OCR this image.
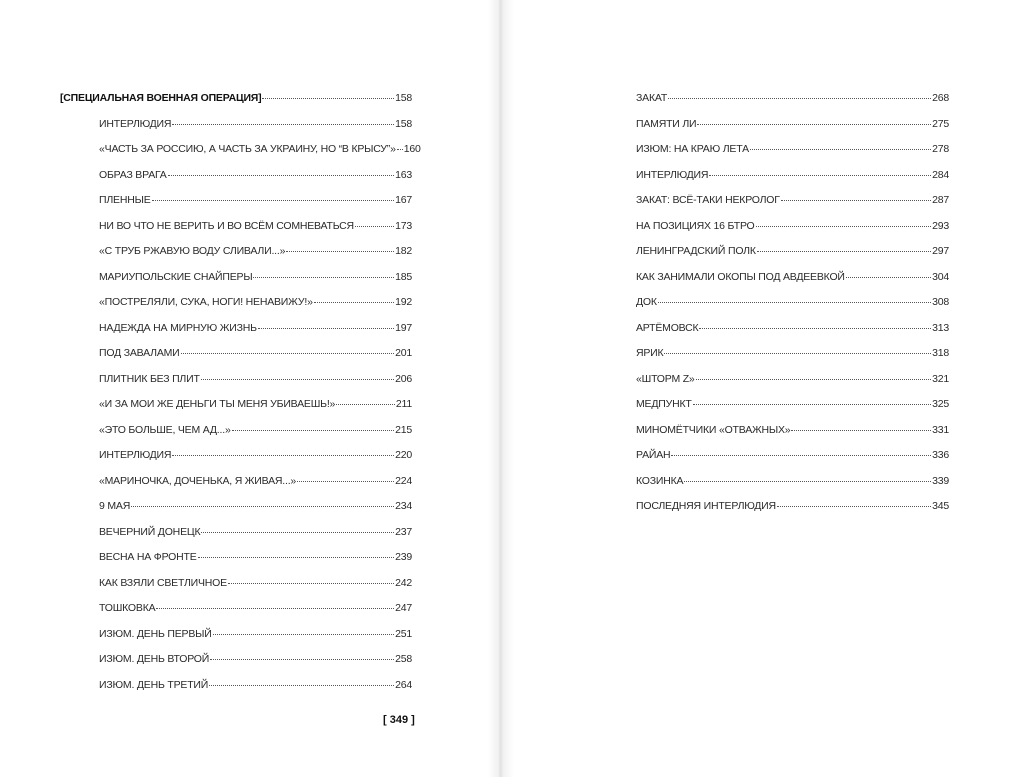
[СПЕЦИАЛЬНАЯ ВОЕННАЯ ОПЕРАЦИЯ]	158
ИНТЕРЛЮДИЯ	158
«ЧАСТЬ ЗА РОССИЮ, А ЧАСТЬ ЗА УКРАИНУ, НО “В КРЫСУ”» 160
ОБРАЗ ВРАГА	163
ПЛЕННЫЕ	167
НИ ВО ЧТО НЕ ВЕРИТЬ И ВО ВСЁМ СОМНЕВАТЬСЯ	173
«С ТРУБ РЖАВУЮ ВОДУ СЛИВАЛИ...»	182
МАРИУПОЛЬСКИЕ СНАЙПЕРЫ	185
«ПОСТРЕЛЯЛИ, СУКА, НОГИ! НЕНАВИЖУ!»	192
НАДЕЖДА НА МИРНУЮ ЖИЗНЬ	197
ПОД ЗАВАЛАМИ	201
ПЛИТНИК БЕЗ ПЛИТ	206
«И ЗА МОИ ЖЕ ДЕНЬГИ ТЫ МЕНЯ УБИВАЕШЬ!»	211
«ЭТО БОЛЬШЕ, ЧЕМ АД...»	215
ИНТЕРЛЮДИЯ	220
«МАРИНОЧКА, ДОЧЕНЬКА, Я ЖИВАЯ...»	224
9 МАЯ	234
ВЕЧЕРНИЙ ДОНЕЦК	237
ВЕСНА НА ФРОНТЕ	239
КАК ВЗЯЛИ СВЕТЛИЧНОЕ	242
ТОШКОВКА	247
ИЗЮМ. ДЕНЬ ПЕРВЫЙ	251
ИЗЮМ. ДЕНЬ ВТОРОЙ	258
ИЗЮМ. ДЕНЬ ТРЕТИЙ	264
[ 349 ]
ЗАКАТ	268
ПАМЯТИ ЛИ	275
ИЗЮМ: НА КРАЮ ЛЕТА	278
ИНТЕРЛЮДИЯ	284
ЗАКАТ: ВСЁ-ТАКИ НЕКРОЛОГ	287
НА ПОЗИЦИЯХ 16 БТРО	293
ЛЕНИНГРАДСКИЙ ПОЛК	297
КАК ЗАНИМАЛИ ОКОПЫ ПОД АВДЕЕВКОЙ	304
ДОК	308
АРТЁМОВСК	313
ЯРИК	318
«ШТОРМ Z»	321
МЕДПУНКТ	325
МИНОМЁТЧИКИ «ОТВАЖНЫХ»	331
РАЙАН	336
КОЗИНКА	339
ПОСЛЕДНЯЯ ИНТЕРЛЮДИЯ	345
